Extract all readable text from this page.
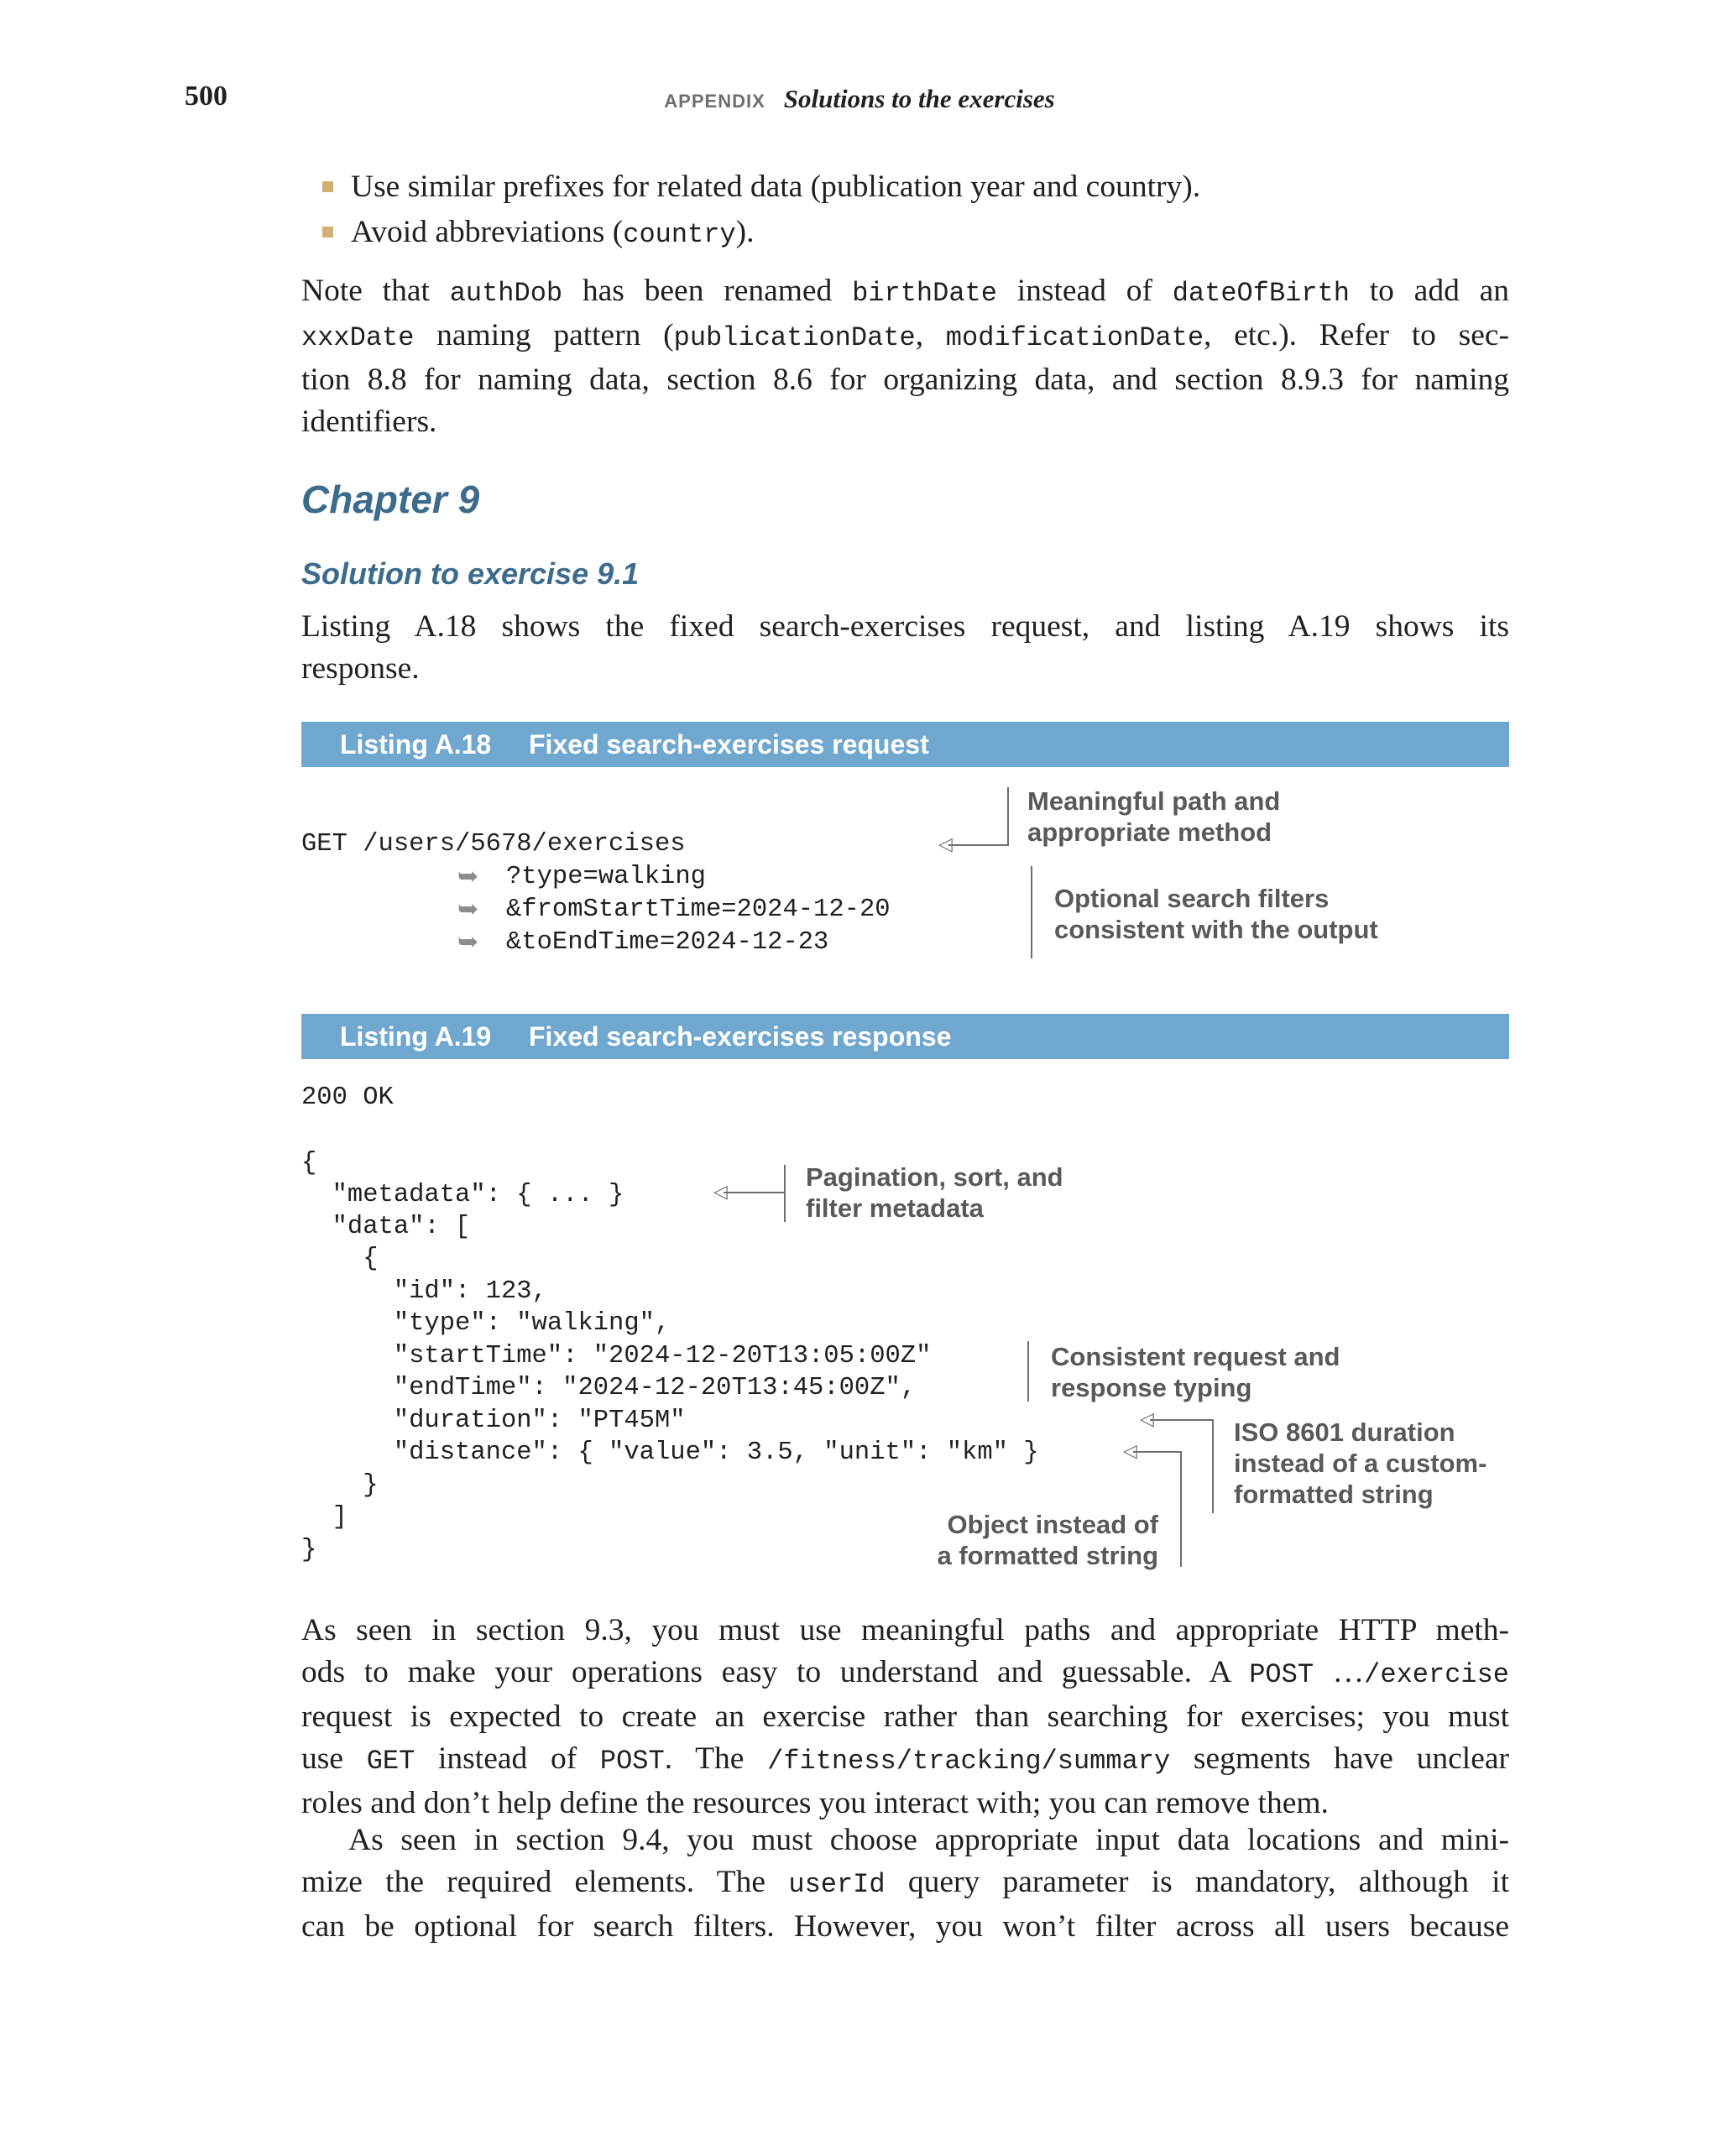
500	APPENDIX Solutions to the exercises
Use similar prefixes for related data (publication year and country).
Avoid abbreviations (country).
Note that authDob has been renamed birthDate instead of dateOfBirth to add an
xxxDate naming pattern (publicationDate, modificationDate, etc.). Refer to sec-
tion 8.8 for naming data, section 8.6 for organizing data, and section 8.9.3 for naming
identifiers.
Chapter 9
Solution to exercise 9.1
Listing A.18 shows the fixed search-exercises request, and listing A.19 shows its
response.
Listing A.18 Fixed search-exercises request
GET /users/5678/exercises
➥ ?type=walking
➥ &fromStartTime=2024-12-20
➥ &toEndTime=2024-12-23
◁
Meaningful path and
appropriate method
Optional search filters
consistent with the output
Listing A.19 Fixed search-exercises response
200 OK
{
"metadata": { ... }
"data": [
{
"id": 123,
"type": "walking",
"startTime": "2024-12-20T13:05:00Z"
"endTime": "2024-12-20T13:45:00Z",
"duration": "PT45M"
"distance": { "value": 3.5, "unit": "km" }
}
]
}
◁
Pagination, sort, and
filter metadata
Consistent request and
response typing
◁	ISO 8601 duration
instead of a custom-
formatted string
◁
Object instead of
a formatted string
As seen in section 9.3, you must use meaningful paths and appropriate HTTP meth-
ods to make your operations easy to understand and guessable. A POST …/exercise
request is expected to create an exercise rather than searching for exercises; you must
use GET instead of POST. The /fitness/tracking/summary segments have unclear
roles and don’t help define the resources you interact with; you can remove them.
As seen in section 9.4, you must choose appropriate input data locations and mini-
mize the required elements. The userId query parameter is mandatory, although it
can be optional for search filters. However, you won’t filter across all users because
